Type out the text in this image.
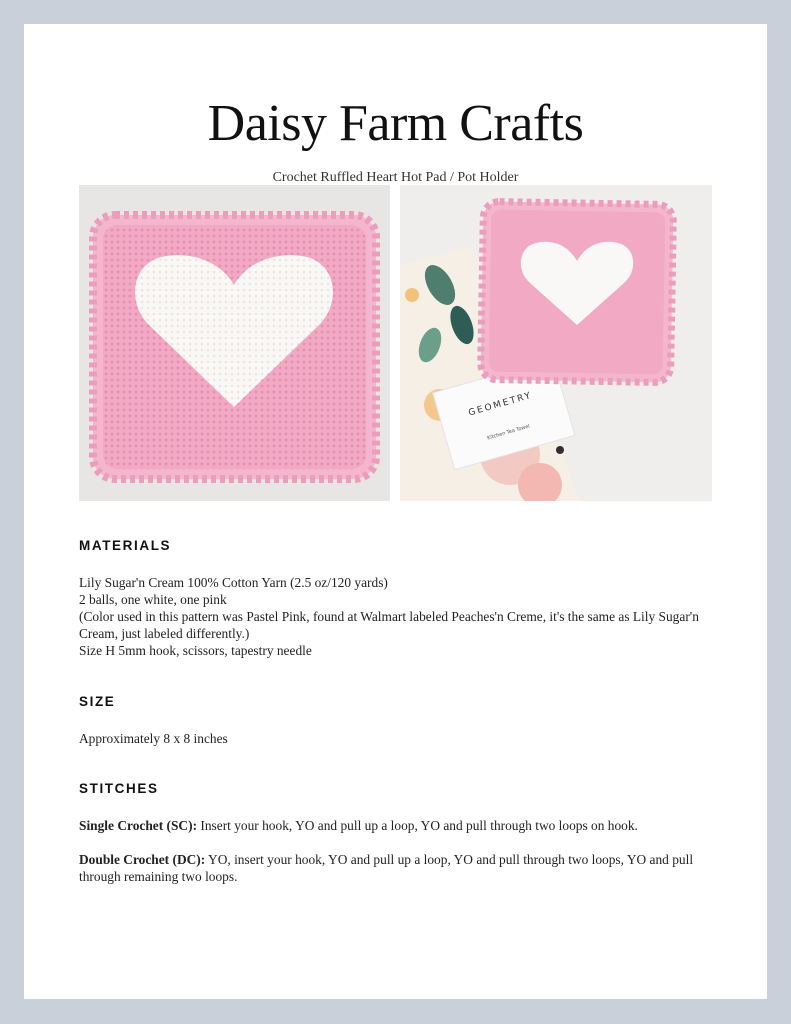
Daisy Farm Crafts
Crochet Ruffled Heart Hot Pad / Pot Holder
GEOMETRY
Kitchen Tea Towel
MATERIALS
Lily Sugar'n Cream 100% Cotton Yarn (2.5 oz/120 yards)
2 balls, one white, one pink
(Color used in this pattern was Pastel Pink, found at Walmart labeled Peaches'n Creme, it's the same as Lily Sugar'n Cream, just labeled differently.)
Size H 5mm hook, scissors, tapestry needle
SIZE
Approximately 8 x 8 inches
STITCHES
Single Crochet (SC): Insert your hook, YO and pull up a loop, YO and pull through two loops on hook.
Double Crochet (DC): YO, insert your hook, YO and pull up a loop, YO and pull through two loops, YO and pull through remaining two loops.
